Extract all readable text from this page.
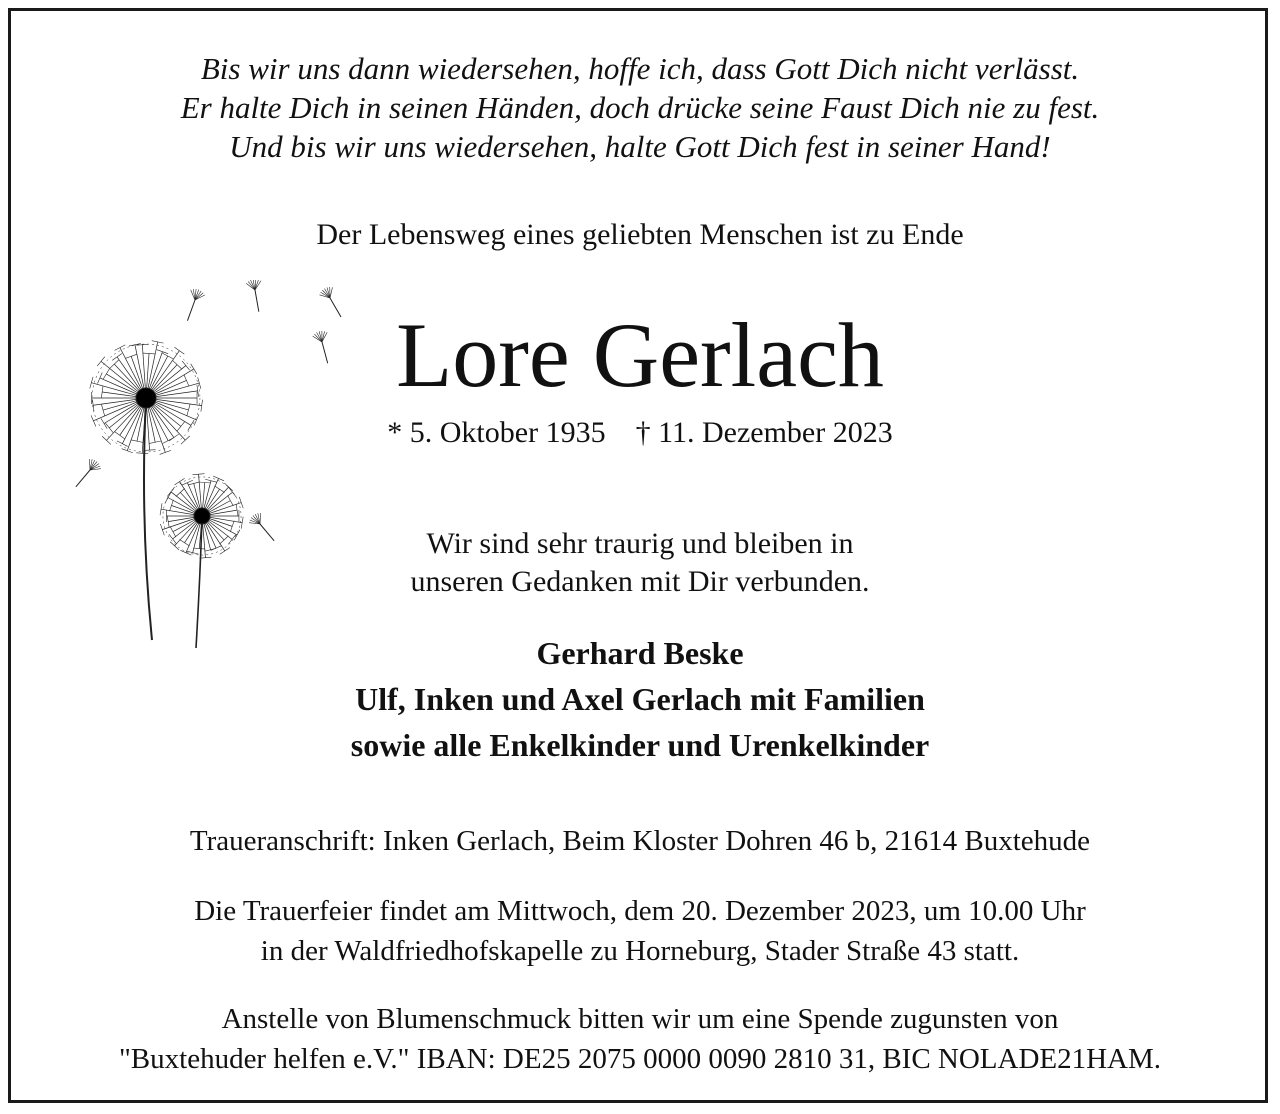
Bis wir uns dann wiedersehen, hoffe ich, dass Gott Dich nicht verlässt.
Er halte Dich in seinen Händen, doch drücke seine Faust Dich nie zu fest.
Und bis wir uns wiedersehen, halte Gott Dich fest in seiner Hand!
Der Lebensweg eines geliebten Menschen ist zu Ende
Lore Gerlach
* 5. Oktober 1935 † 11. Dezember 2023
Wir sind sehr traurig und bleiben in
unseren Gedanken mit Dir verbunden.
Gerhard Beske
Ulf, Inken und Axel Gerlach mit Familien
sowie alle Enkelkinder und Urenkelkinder
Traueranschrift: Inken Gerlach, Beim Kloster Dohren 46 b, 21614 Buxtehude
Die Trauerfeier findet am Mittwoch, dem 20. Dezember 2023, um 10.00 Uhr
in der Waldfriedhofskapelle zu Horneburg, Stader Straße 43 statt.
Anstelle von Blumenschmuck bitten wir um eine Spende zugunsten von
"Buxtehuder helfen e.V." IBAN: DE25 2075 0000 0090 2810 31, BIC NOLADE21HAM.
